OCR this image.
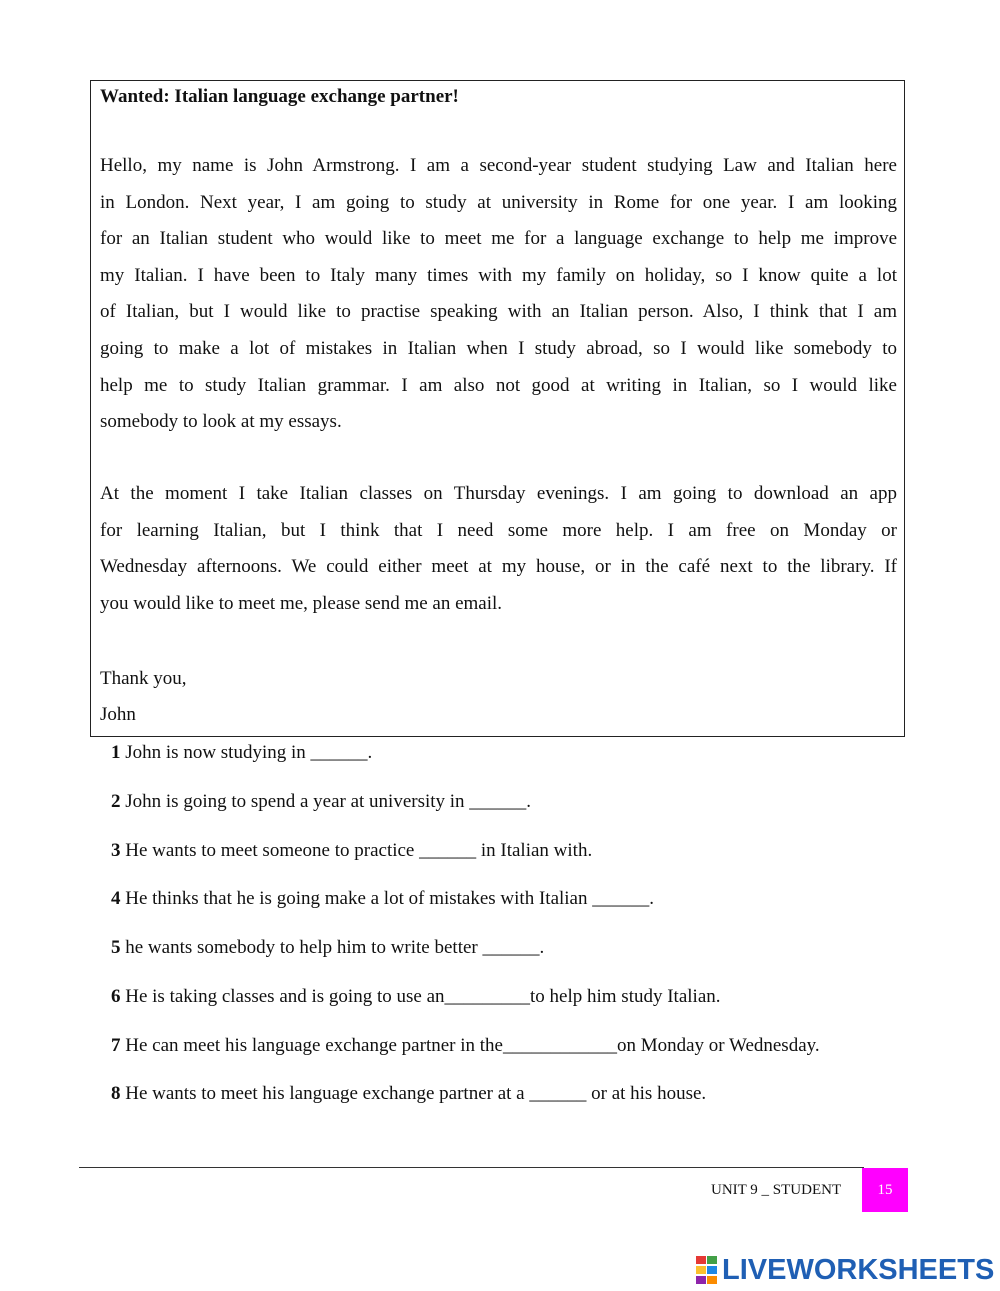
Wanted: Italian language exchange partner!
Hello, my name is John Armstrong. I am a second-year student studying Law and Italian here
in London. Next year, I am going to study at university in Rome for one year. I am looking
for an Italian student who would like to meet me for a language exchange to help me improve
my Italian. I have been to Italy many times with my family on holiday, so I know quite a lot
of Italian, but I would like to practise speaking with an Italian person. Also, I think that I am
going to make a lot of mistakes in Italian when I study abroad, so I would like somebody to
help me to study Italian grammar. I am also not good at writing in Italian, so I would like
somebody to look at my essays.
At the moment I take Italian classes on Thursday evenings. I am going to download an app
for learning Italian, but I think that I need some more help. I am free on Monday or
Wednesday afternoons. We could either meet at my house, or in the café next to the library. If
you would like to meet me, please send me an email.
Thank you,
John
1 John is now studying in ______.
2 John is going to spend a year at university in ______.
3 He wants to meet someone to practice ______ in Italian with.
4 He thinks that he is going make a lot of mistakes with Italian ______.
5 he wants somebody to help him to write better ______.
6 He is taking classes and is going to use an_________to help him study Italian.
7 He can meet his language exchange partner in the____________on Monday or Wednesday.
8 He wants to meet his language exchange partner at a ______ or at his house.
UNIT 9 _ STUDENT	15
LIVEWORKSHEETS
